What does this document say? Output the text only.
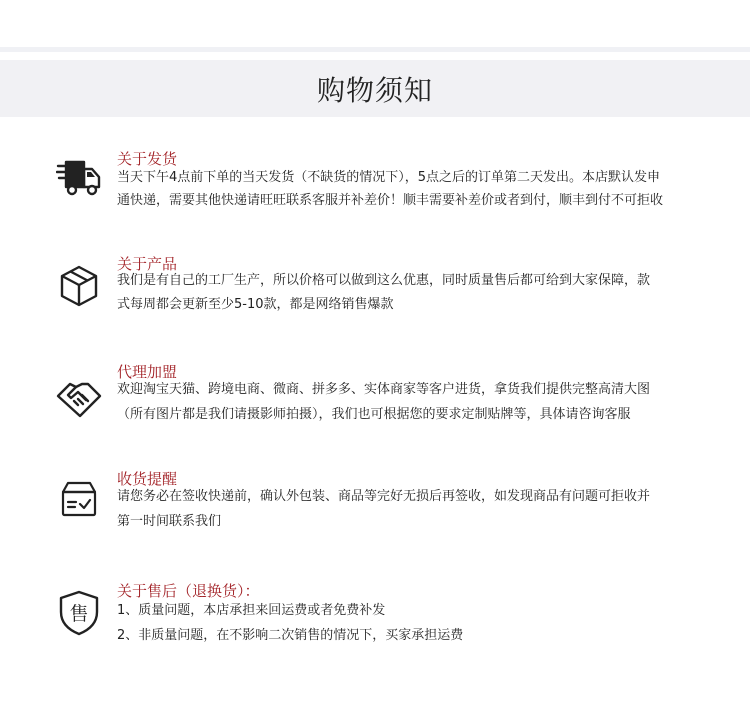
购物须知
关于发货
当天下午4点前下单的当天发货（不缺货的情况下），5点之后的订单第二天发出。本店默认发申
通快递，需要其他快递请旺旺联系客服并补差价！顺丰需要补差价或者到付，顺丰到付不可拒收
关于产品
我们是有自己的工厂生产，所以价格可以做到这么优惠，同时质量售后都可给到大家保障，款
式每周都会更新至少5-10款，都是网络销售爆款
代理加盟
欢迎淘宝天猫、跨境电商、微商、拼多多、实体商家等客户进货，拿货我们提供完整高清大图
（所有图片都是我们请摄影师拍摄），我们也可根据您的要求定制贴牌等，具体请咨询客服
收货提醒
请您务必在签收快递前，确认外包装、商品等完好无损后再签收，如发现商品有问题可拒收并
第一时间联系我们
售
关于售后（退换货）：
1、质量问题，本店承担来回运费或者免费补发
2、非质量问题，在不影响二次销售的情况下，买家承担运费
